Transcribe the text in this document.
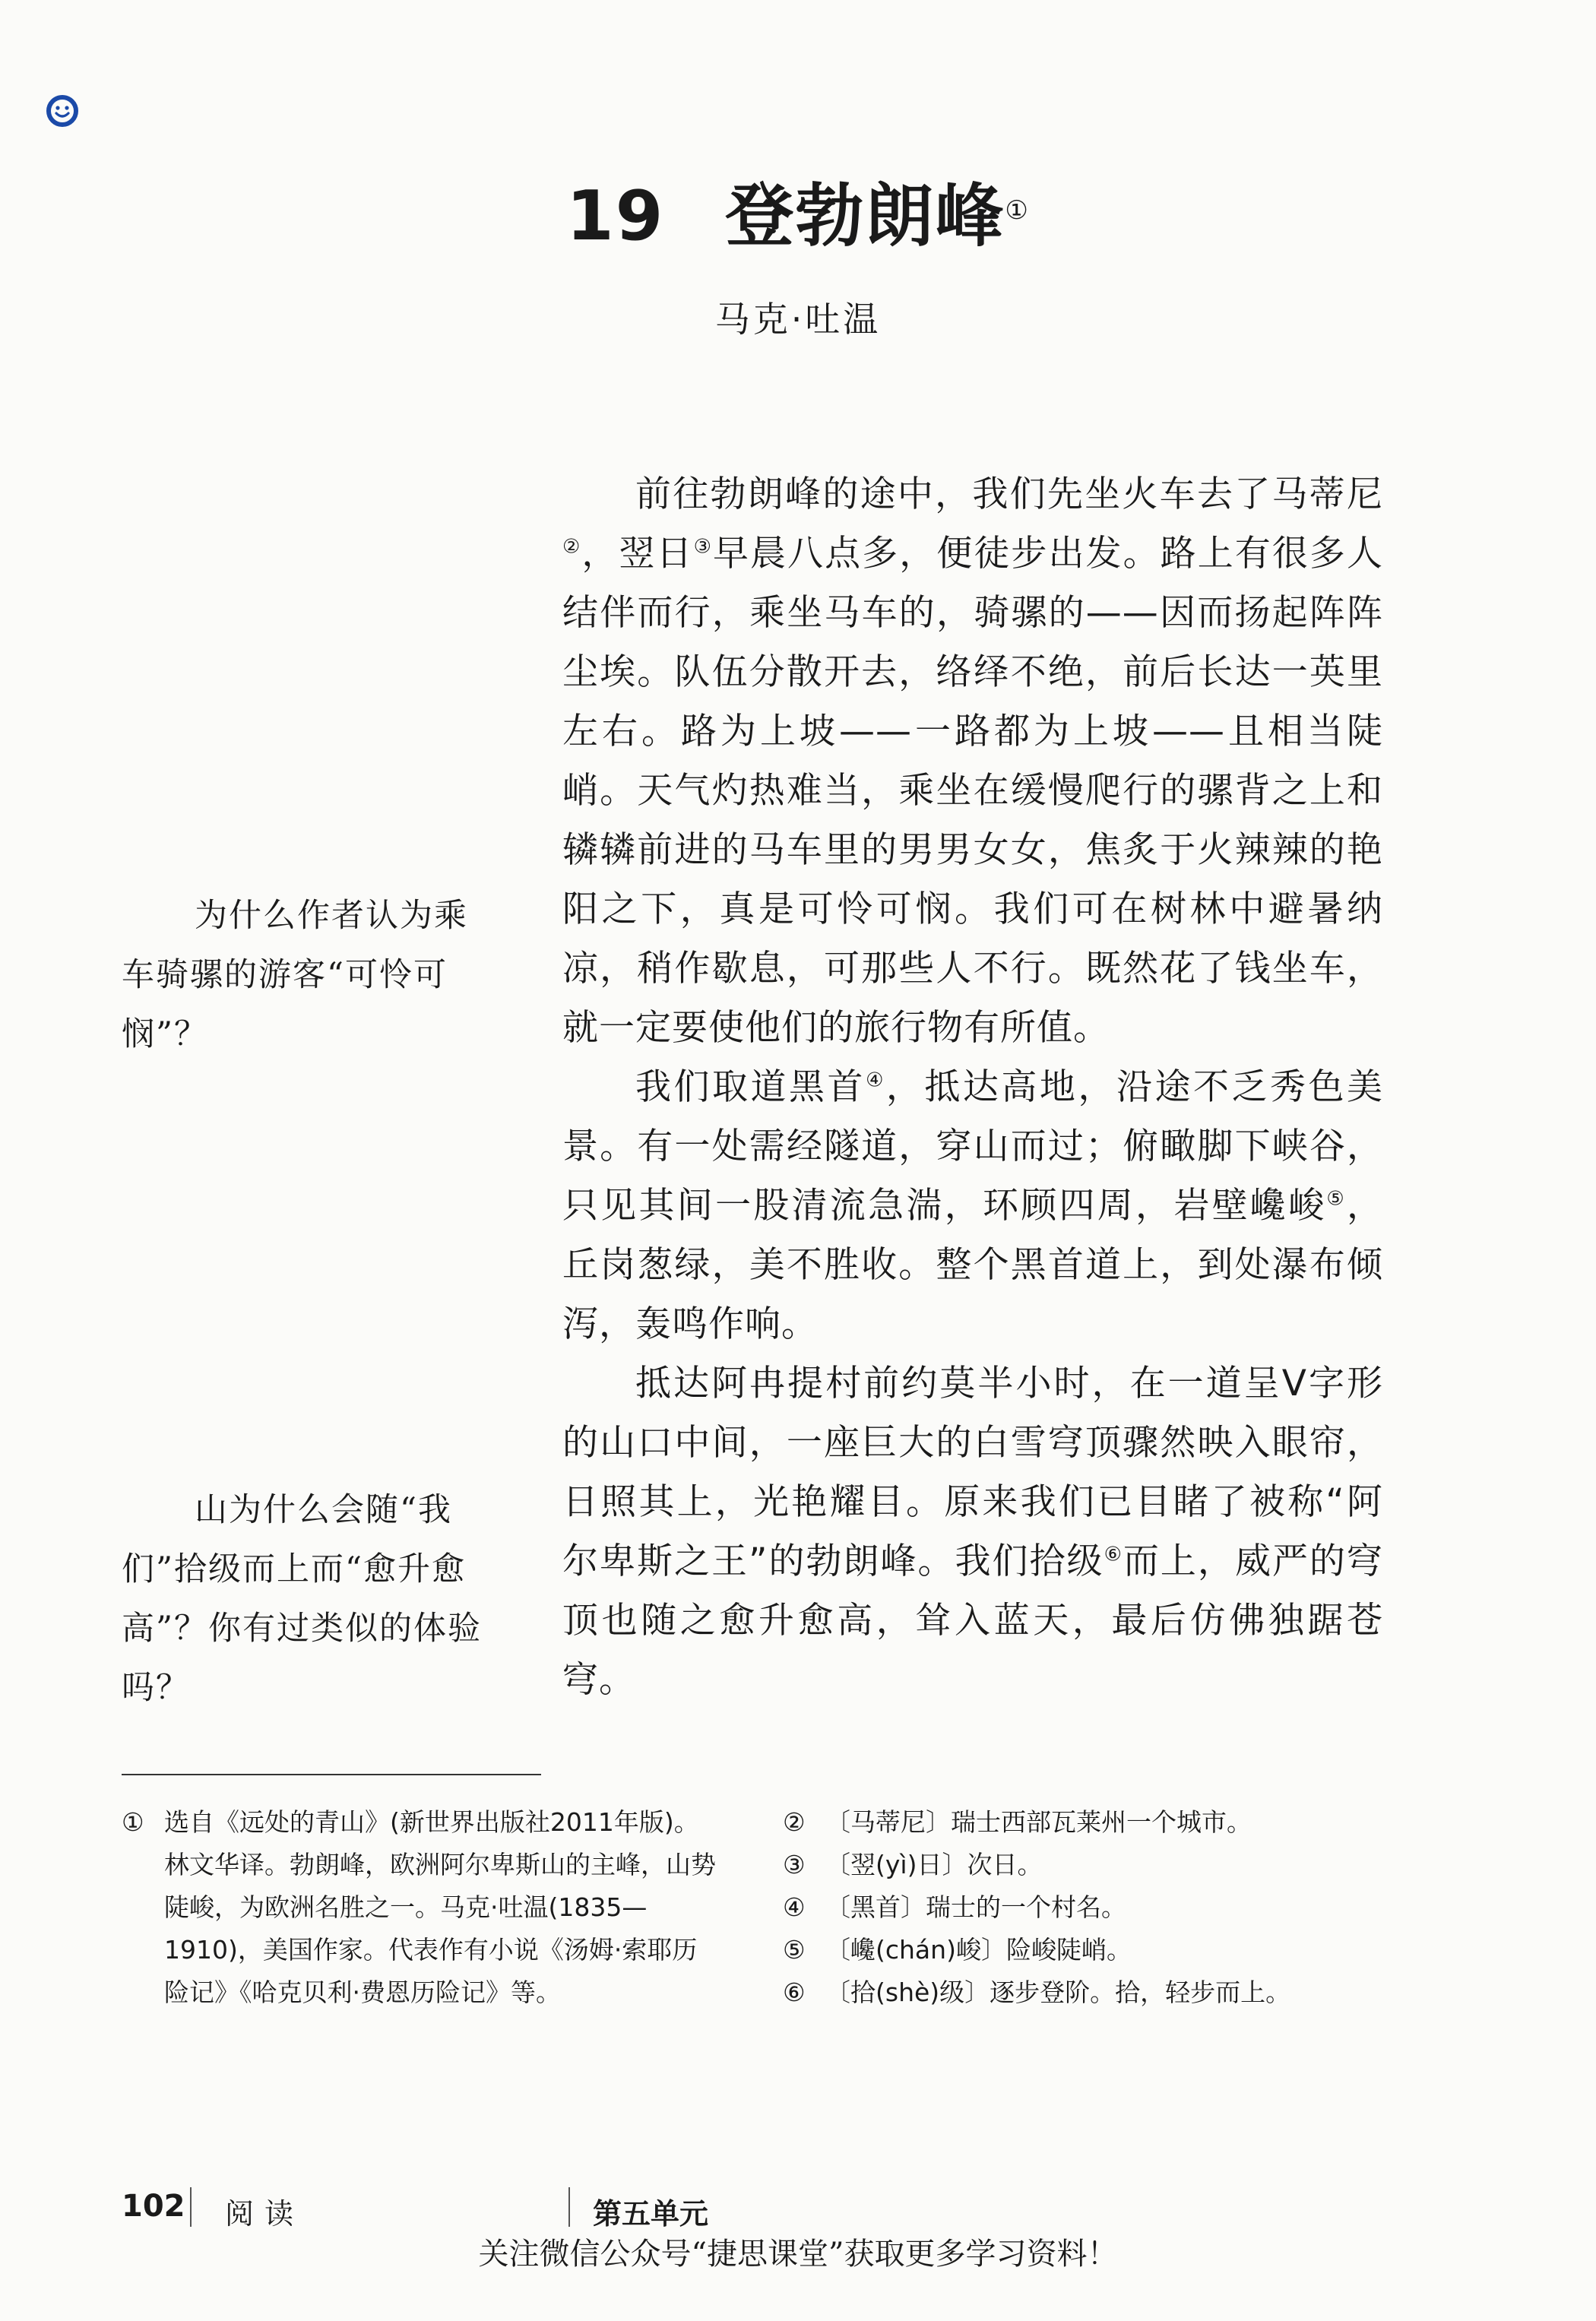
19 登勃朗峰①
马克·吐温

前往勃朗峰的途中，我们先坐火车去了马蒂尼②，翌日③早晨八点多，便徒步出发。路上有很多人结伴而行，乘坐马车的，骑骡的——因而扬起阵阵尘埃。队伍分散开去，络绎不绝，前后长达一英里左右。路为上坡——一路都为上坡——且相当陡峭。天气灼热难当，乘坐在缓慢爬行的骡背之上和辚辚前进的马车里的男男女女，焦炙于火辣辣的艳阳之下，真是可怜可悯。我们可在树林中避暑纳凉，稍作歇息，可那些人不行。既然花了钱坐车，就一定要使他们的旅行物有所值。

我们取道黑首④，抵达高地，沿途不乏秀色美景。有一处需经隧道，穿山而过；俯瞰脚下峡谷，只见其间一股清流急湍，环顾四周，岩壁巉峻⑤，丘岗葱绿，美不胜收。整个黑首道上，到处瀑布倾泻，轰鸣作响。

抵达阿冉提村前约莫半小时，在一道呈V字形的山口中间，一座巨大的白雪穹顶骤然映入眼帘，日照其上，光艳耀目。原来我们已目睹了被称“阿尔卑斯之王”的勃朗峰。我们拾级⑥而上，威严的穹顶也随之愈升愈高，耸入蓝天，最后仿佛独踞苍穹。

为什么作者认为乘车骑骡的游客“可怜可悯”？
山为什么会随“我们”拾级而上而“愈升愈高”？你有过类似的体验吗？
① 选自《远处的青山》(新世界出版社2011年版)。林文华译。勃朗峰，欧洲阿尔卑斯山的主峰，山势陡峻，为欧洲名胜之一。马克·吐温(1835—1910)，美国作家。代表作有小说《汤姆·索耶历险记》《哈克贝利·费恩历险记》等。
② 〔马蒂尼〕瑞士西部瓦莱州一个城市。
③ 〔翌(yì)日〕次日。
④ 〔黑首〕瑞士的一个村名。
⑤ 〔巉(chán)峻〕险峻陡峭。
⑥ 〔拾(shè)级〕逐步登阶。拾，轻步而上。
102 阅读	第五单元
关注微信公众号“捷思课堂”获取更多学习资料！
